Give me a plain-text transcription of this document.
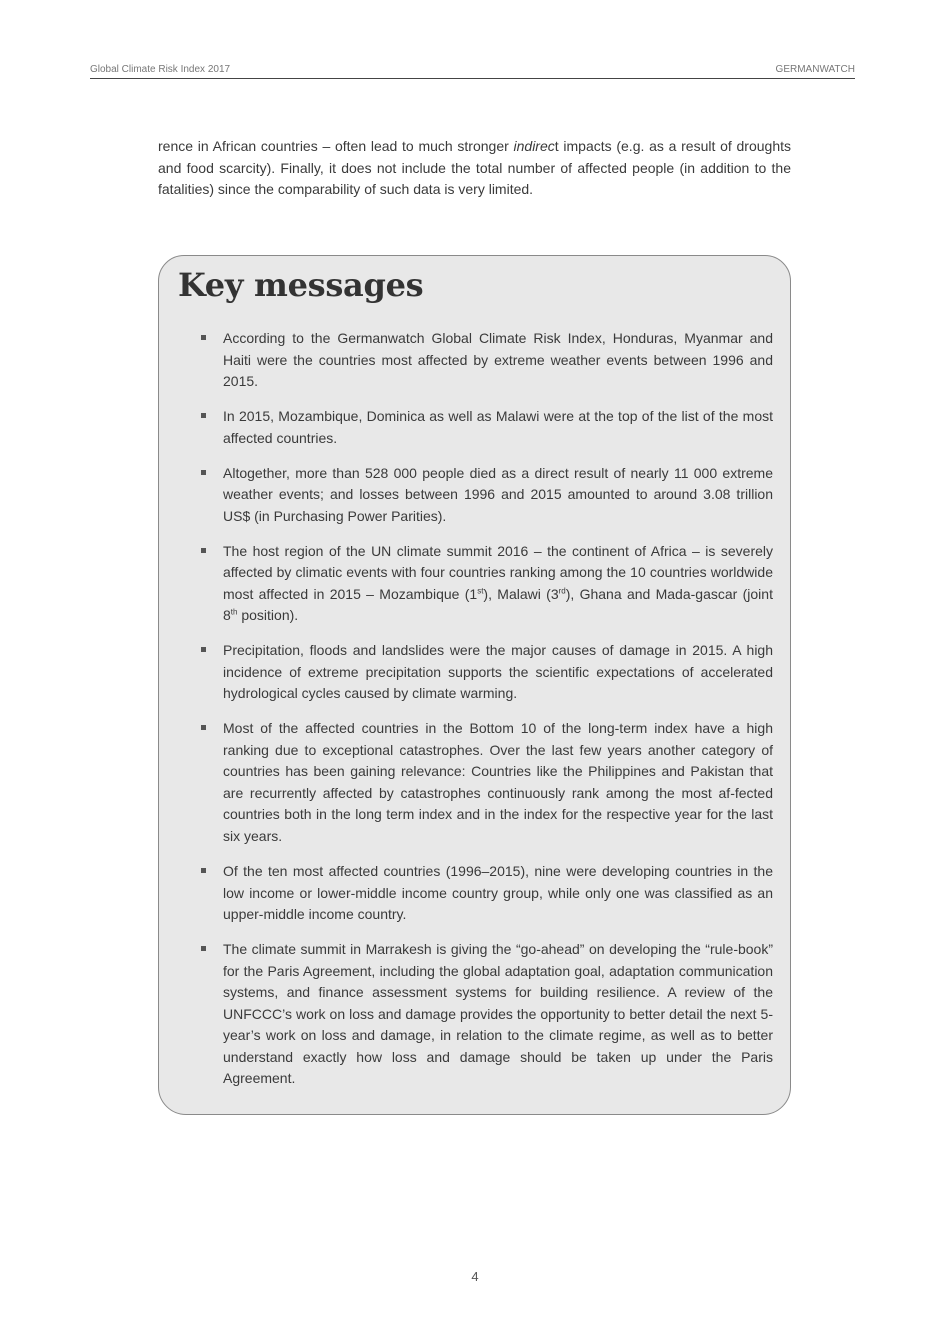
Global Climate Risk Index 2017	GERMANWATCH

rence in African countries – often lead to much stronger indirect impacts (e.g. as a result of droughts and food scarcity). Finally, it does not include the total number of affected people (in addition to the fatalities) since the comparability of such data is very limited.

Key messages
According to the Germanwatch Global Climate Risk Index, Honduras, Myanmar and Haiti were the countries most affected by extreme weather events between 1996 and 2015.
In 2015, Mozambique, Dominica as well as Malawi were at the top of the list of the most affected countries.
Altogether, more than 528 000 people died as a direct result of nearly 11 000 extreme weather events; and losses between 1996 and 2015 amounted to around 3.08 trillion US$ (in Purchasing Power Parities).
The host region of the UN climate summit 2016 – the continent of Africa – is severely affected by climatic events with four countries ranking among the 10 countries worldwide most affected in 2015 – Mozambique (1st), Malawi (3rd), Ghana and Mada-gascar (joint 8th position).
Precipitation, floods and landslides were the major causes of damage in 2015. A high incidence of extreme precipitation supports the scientific expectations of accelerated hydrological cycles caused by climate warming.
Most of the affected countries in the Bottom 10 of the long-term index have a high ranking due to exceptional catastrophes. Over the last few years another category of countries has been gaining relevance: Countries like the Philippines and Pakistan that are recurrently affected by catastrophes continuously rank among the most af-fected countries both in the long term index and in the index for the respective year for the last six years.
Of the ten most affected countries (1996–2015), nine were developing countries in the low income or lower-middle income country group, while only one was classified as an upper-middle income country.
The climate summit in Marrakesh is giving the “go-ahead” on developing the “rule-book” for the Paris Agreement, including the global adaptation goal, adaptation communication systems, and finance assessment systems for building resilience. A review of the UNFCCC’s work on loss and damage provides the opportunity to better detail the next 5-year’s work on loss and damage, in relation to the climate regime, as well as to better understand exactly how loss and damage should be taken up under the Paris Agreement.
4
